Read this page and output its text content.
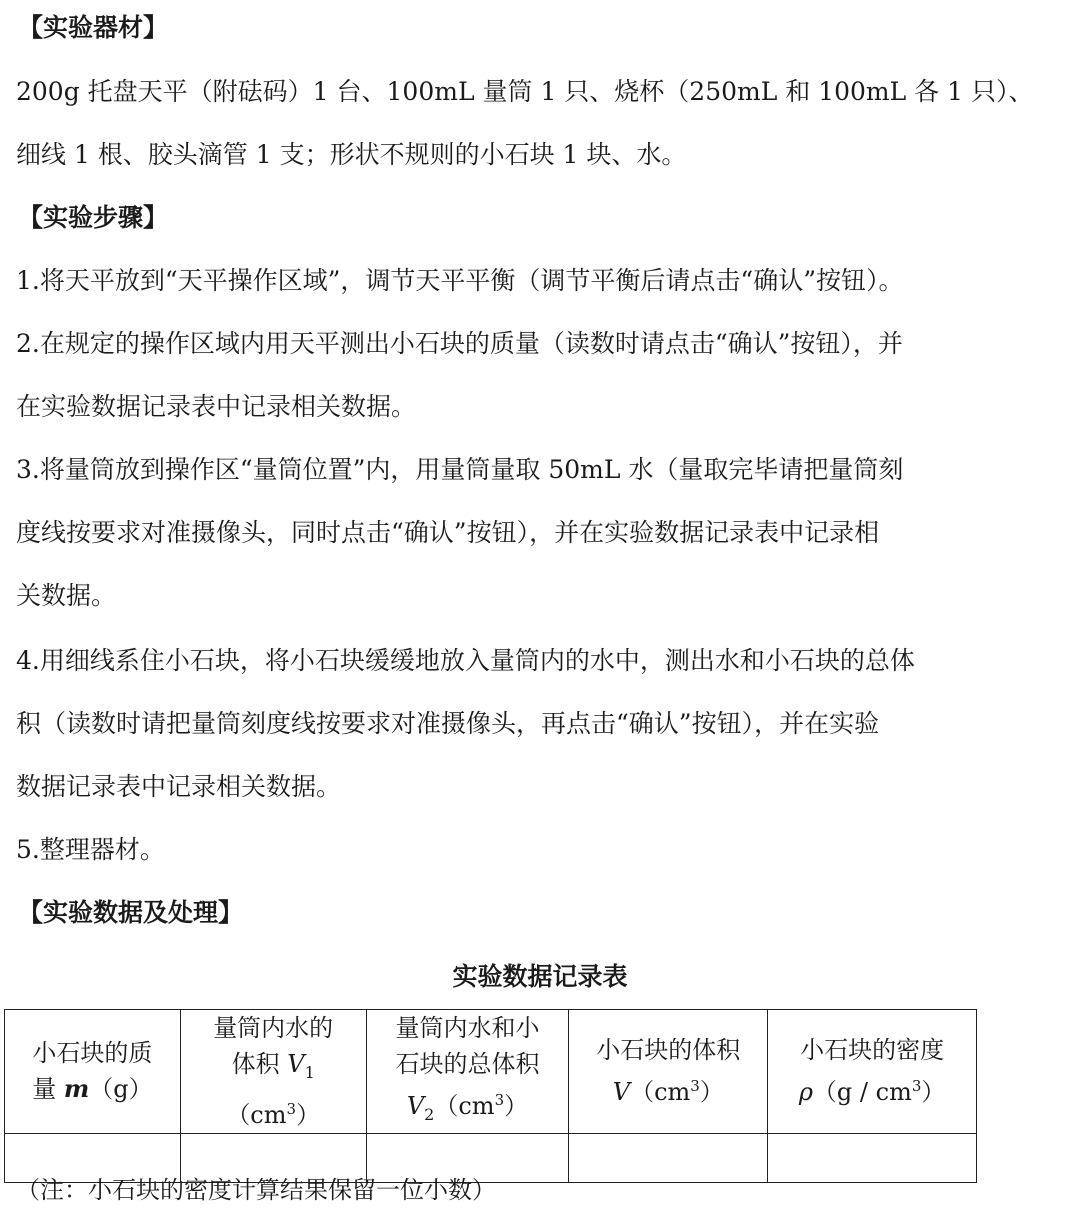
【实验器材】
200g 托盘天平（附砝码）1 台、100mL 量筒 1 只、烧杯（250mL 和 100mL 各 1 只）、
细线 1 根、胶头滴管 1 支；形状不规则的小石块 1 块、水。
【实验步骤】
1.将天平放到“天平操作区域”，调节天平平衡（调节平衡后请点击“确认”按钮）。
2.在规定的操作区域内用天平测出小石块的质量（读数时请点击“确认”按钮），并
在实验数据记录表中记录相关数据。
3.将量筒放到操作区“量筒位置”内，用量筒量取 50mL 水（量取完毕请把量筒刻
度线按要求对准摄像头，同时点击“确认”按钮），并在实验数据记录表中记录相
关数据。
4.用细线系住小石块，将小石块缓缓地放入量筒内的水中，测出水和小石块的总体
积（读数时请把量筒刻度线按要求对准摄像头，再点击“确认”按钮），并在实验
数据记录表中记录相关数据。
5.整理器材。
【实验数据及处理】
实验数据记录表
小石块的质
量 m（g）	量筒内水的
体积 $V_1$
$(cm^3)$	量筒内水和小
石块的总体积
$V_2(cm^3)$	小石块的体积
$V(cm^3)$	小石块的密度
$\rho(g / cm^3)$

（注：小石块的密度计算结果保留一位小数）
